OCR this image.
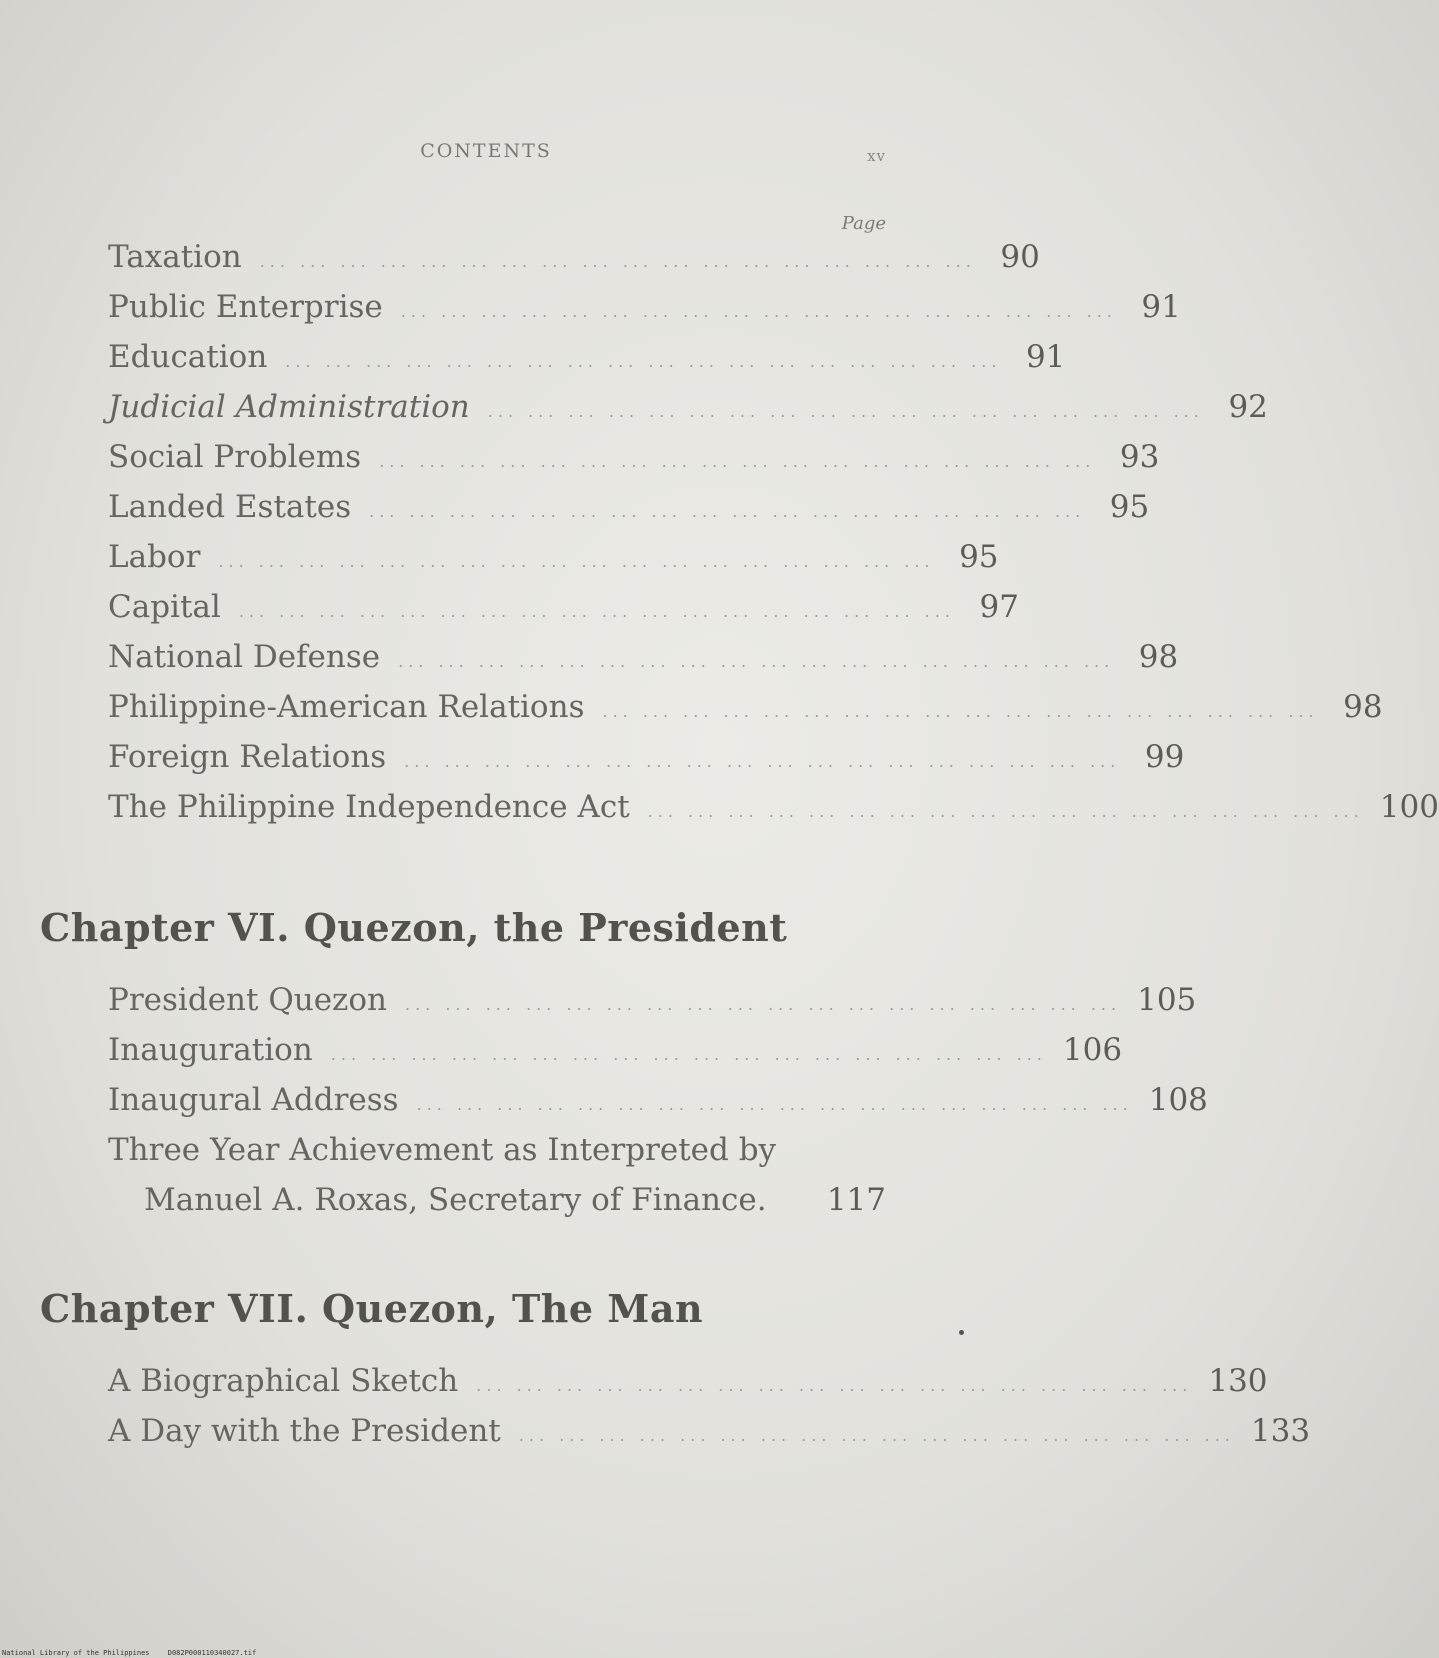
CONTENTS	xv
Page
Taxation ... ... ... ... ... ... ... ... ... ... ... ... ... ... ... ... ... ... 90
Public Enterprise ... ... ... ... ... ... ... ... ... ... ... ... ... ... ... ... ... ... 91
Education ... ... ... ... ... ... ... ... ... ... ... ... ... ... ... ... ... ... 91
Judicial Administration ... ... ... ... ... ... ... ... ... ... ... ... ... ... ... ... ... ... 92
Social Problems ... ... ... ... ... ... ... ... ... ... ... ... ... ... ... ... ... ... 93
Landed Estates ... ... ... ... ... ... ... ... ... ... ... ... ... ... ... ... ... ... 95
Labor ... ... ... ... ... ... ... ... ... ... ... ... ... ... ... ... ... ... 95
Capital ... ... ... ... ... ... ... ... ... ... ... ... ... ... ... ... ... ... 97
National Defense ... ... ... ... ... ... ... ... ... ... ... ... ... ... ... ... ... ... 98
Philippine-American Relations ... ... ... ... ... ... ... ... ... ... ... ... ... ... ... ... ... ... 98
Foreign Relations ... ... ... ... ... ... ... ... ... ... ... ... ... ... ... ... ... ... 99
The Philippine Independence Act ... ... ... ... ... ... ... ... ... ... ... ... ... ... ... ... ... ... 100
Chapter VI. Quezon, the President
President Quezon ... ... ... ... ... ... ... ... ... ... ... ... ... ... ... ... ... ... 105
Inauguration ... ... ... ... ... ... ... ... ... ... ... ... ... ... ... ... ... ... 106
Inaugural Address ... ... ... ... ... ... ... ... ... ... ... ... ... ... ... ... ... ... 108
Three Year Achievement as Interpreted by
Manuel A. Roxas, Secretary of Finance. 117
Chapter VII. Quezon, The Man
A Biographical Sketch ... ... ... ... ... ... ... ... ... ... ... ... ... ... ... ... ... ... 130
A Day with the President ... ... ... ... ... ... ... ... ... ... ... ... ... ... ... ... ... ... 133
National Library of the Philippines	D082P000110340027.tif
